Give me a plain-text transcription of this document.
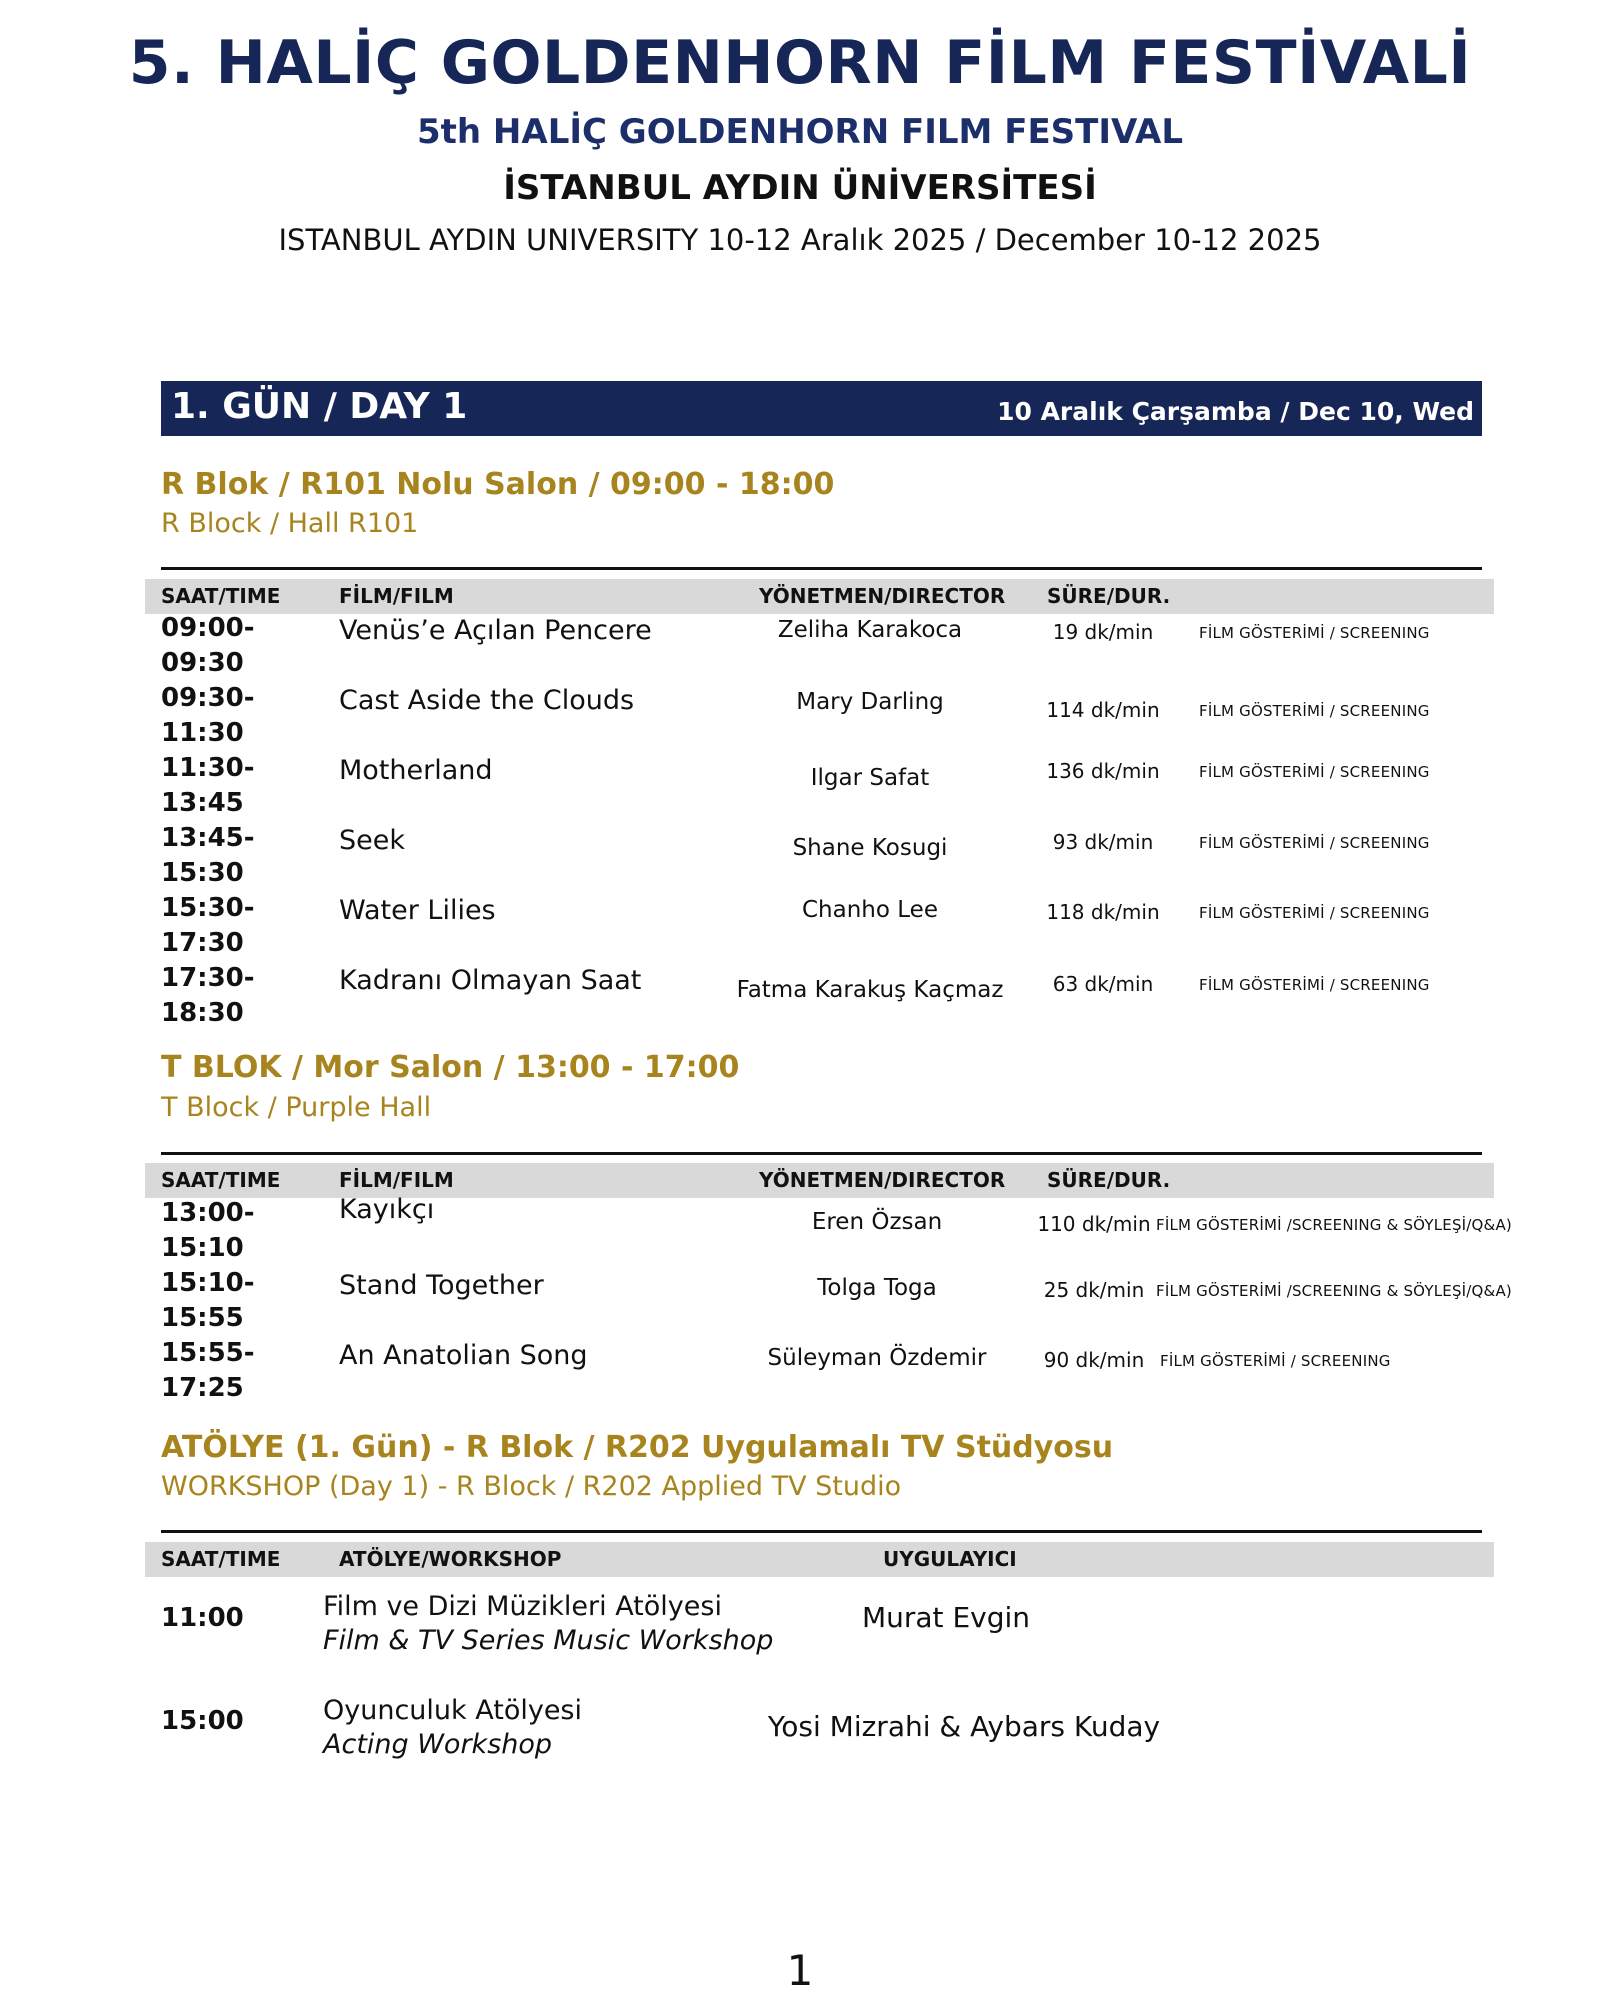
5. HALİÇ GOLDENHORN FİLM FESTİVALİ
5th HALİÇ GOLDENHORN FILM FESTIVAL
İSTANBUL AYDIN ÜNİVERSİTESİ
ISTANBUL AYDIN UNIVERSITY 10-12 Aralık 2025 / December 10-12 2025
1. GÜN / DAY 1	10 Aralık Çarşamba / Dec 10, Wed
R Blok / R101 Nolu Salon / 09:00 - 18:00
R Block / Hall R101
SAAT/TIME	FİLM/FILM	YÖNETMEN/DIRECTOR SÜRE/DUR.
09:00-
09:30
Venüs’e Açılan Pencere	Zeliha Karakoca	19 dk/min	FİLM GÖSTERİMİ / SCREENING
09:30-
11:30
Cast Aside the Clouds	Mary Darling	114 dk/min	FİLM GÖSTERİMİ / SCREENING
11:30-
13:45
Motherland	Ilgar Safat	136 dk/min	FİLM GÖSTERİMİ / SCREENING
13:45-
15:30
Seek	Shane Kosugi	93 dk/min	FİLM GÖSTERİMİ / SCREENING
15:30-
17:30
Water Lilies	Chanho Lee	118 dk/min	FİLM GÖSTERİMİ / SCREENING
17:30-
18:30
Kadranı Olmayan Saat	Fatma Karakuş Kaçmaz	63 dk/min	FİLM GÖSTERİMİ / SCREENING
T BLOK / Mor Salon / 13:00 - 17:00
T Block / Purple Hall
SAAT/TIME	FİLM/FILM	YÖNETMEN/DIRECTOR SÜRE/DUR.
13:00-
15:10
Kayıkçı	Eren Özsan	110 dk/min FİLM GÖSTERİMİ /SCREENING & SÖYLEŞİ/Q&A)
15:10-
15:55
Stand Together	Tolga Toga	25 dk/min FİLM GÖSTERİMİ /SCREENING & SÖYLEŞİ/Q&A)
15:55-
17:25
An Anatolian Song	Süleyman Özdemir	90 dk/min	FİLM GÖSTERİMİ / SCREENING
ATÖLYE (1. Gün) - R Blok / R202 Uygulamalı TV Stüdyosu
WORKSHOP (Day 1) - R Block / R202 Applied TV Studio
SAAT/TIME	ATÖLYE/WORKSHOP	UYGULAYICI
11:00	Film ve Dizi Müzikleri Atölyesi
Film & TV Series Music Workshop
Murat Evgin
15:00	Oyunculuk Atölyesi
Acting Workshop
Yosi Mizrahi & Aybars Kuday
1
